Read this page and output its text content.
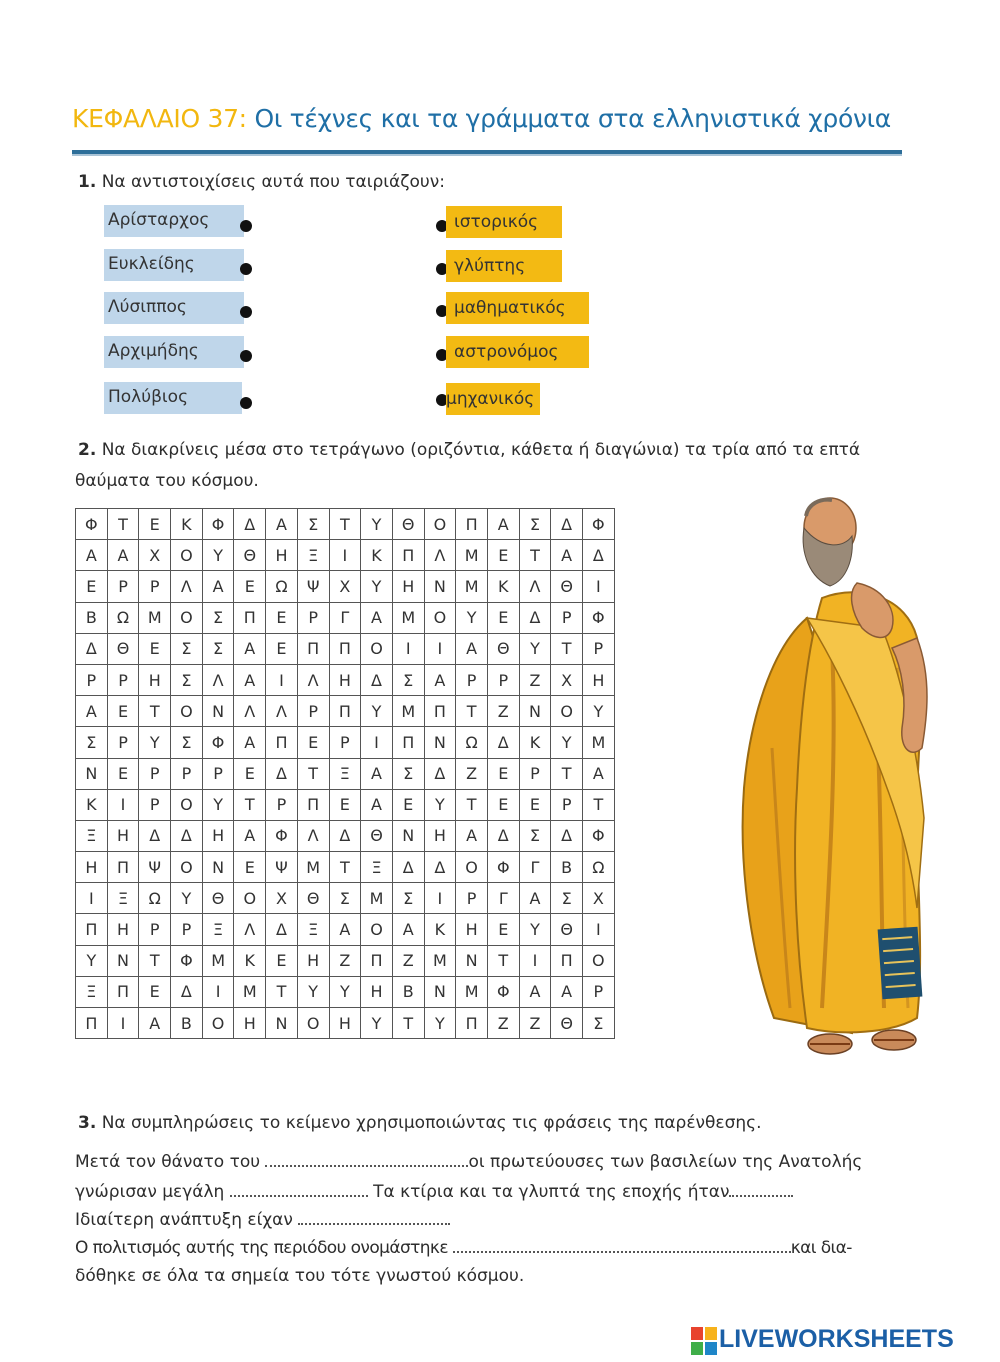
ΚΕΦΑΛΑΙΟ 37: Οι τέχνες και τα γράμματα στα ελληνιστικά χρόνια
1. Να αντιστοιχίσεις αυτά που ταιριάζουν:
Αρίσταρχος
Ευκλείδης
Λύσιππος
Αρχιμήδης
Πολύβιος
ιστορικός
γλύπτης
μαθηματικός
αστρονόμος
μηχανικός
2. Να διακρίνεις μέσα στο τετράγωνο (οριζόντια, κάθετα ή διαγώνια) τα τρία από τα επτά
θαύματα του κόσμου.
Φ	Τ	Ε	Κ	Φ	Δ	Α	Σ	Τ	Υ	Θ	Ο	Π	Α	Σ	Δ	Φ
Α	Α	Χ	Ο	Υ	Θ	Η	Ξ	Ι	Κ	Π	Λ	Μ	Ε	Τ	Α	Δ
Ε	Ρ	Ρ	Λ	Α	Ε	Ω	Ψ	Χ	Υ	Η	Ν	Μ	Κ	Λ	Θ	Ι
Β	Ω	Μ	Ο	Σ	Π	Ε	Ρ	Γ	Α	Μ	Ο	Υ	Ε	Δ	Ρ	Φ
Δ	Θ	Ε	Σ	Σ	Α	Ε	Π	Π	Ο	Ι	Ι	Α	Θ	Υ	Τ	Ρ
Ρ	Ρ	Η	Σ	Λ	Α	Ι	Λ	Η	Δ	Σ	Α	Ρ	Ρ	Ζ	Χ	Η
Α	Ε	Τ	Ο	Ν	Λ	Λ	Ρ	Π	Υ	Μ	Π	Τ	Ζ	Ν	Ο	Υ
Σ	Ρ	Υ	Σ	Φ	Α	Π	Ε	Ρ	Ι	Π	Ν	Ω	Δ	Κ	Υ	Μ
Ν	Ε	Ρ	Ρ	Ρ	Ε	Δ	Τ	Ξ	Α	Σ	Δ	Ζ	Ε	Ρ	Τ	Α
Κ	Ι	Ρ	Ο	Υ	Τ	Ρ	Π	Ε	Α	Ε	Υ	Τ	Ε	Ε	Ρ	Τ
Ξ	Η	Δ	Δ	Η	Α	Φ	Λ	Δ	Θ	Ν	Η	Α	Δ	Σ	Δ	Φ
Η	Π	Ψ	Ο	Ν	Ε	Ψ	Μ	Τ	Ξ	Δ	Δ	Ο	Φ	Γ	Β	Ω
Ι	Ξ	Ω	Υ	Θ	Ο	Χ	Θ	Σ	Μ	Σ	Ι	Ρ	Γ	Α	Σ	Χ
Π	Η	Ρ	Ρ	Ξ	Λ	Δ	Ξ	Α	Ο	Α	Κ	Η	Ε	Υ	Θ	Ι
Υ	Ν	Τ	Φ	Μ	Κ	Ε	Η	Ζ	Π	Ζ	Μ	Ν	Τ	Ι	Π	Ο
Ξ	Π	Ε	Δ	Ι	Μ	Τ	Υ	Υ	Η	Β	Ν	Μ	Φ	Α	Α	Ρ
Π	Ι	Α	Β	Ο	Η	Ν	Ο	Η	Υ	Τ	Υ	Π	Ζ	Ζ	Θ	Σ
3. Να συμπληρώσεις το κείμενο χρησιμοποιώντας τις φράσεις της παρένθεσης.
Μετά τον θάνατο του	οι πρωτεύουσες των βασιλείων της Ανατολής
γνώρισαν μεγάλη	Τα κτίρια και τα γλυπτά της εποχής ήταν
Ιδιαίτερη ανάπτυξη είχαν
Ο πολιτισμός αυτής της περιόδου ονομάστηκε	και δια-
δόθηκε σε όλα τα σημεία του τότε γνωστού κόσμου.
LIVEWORKSHEETS
